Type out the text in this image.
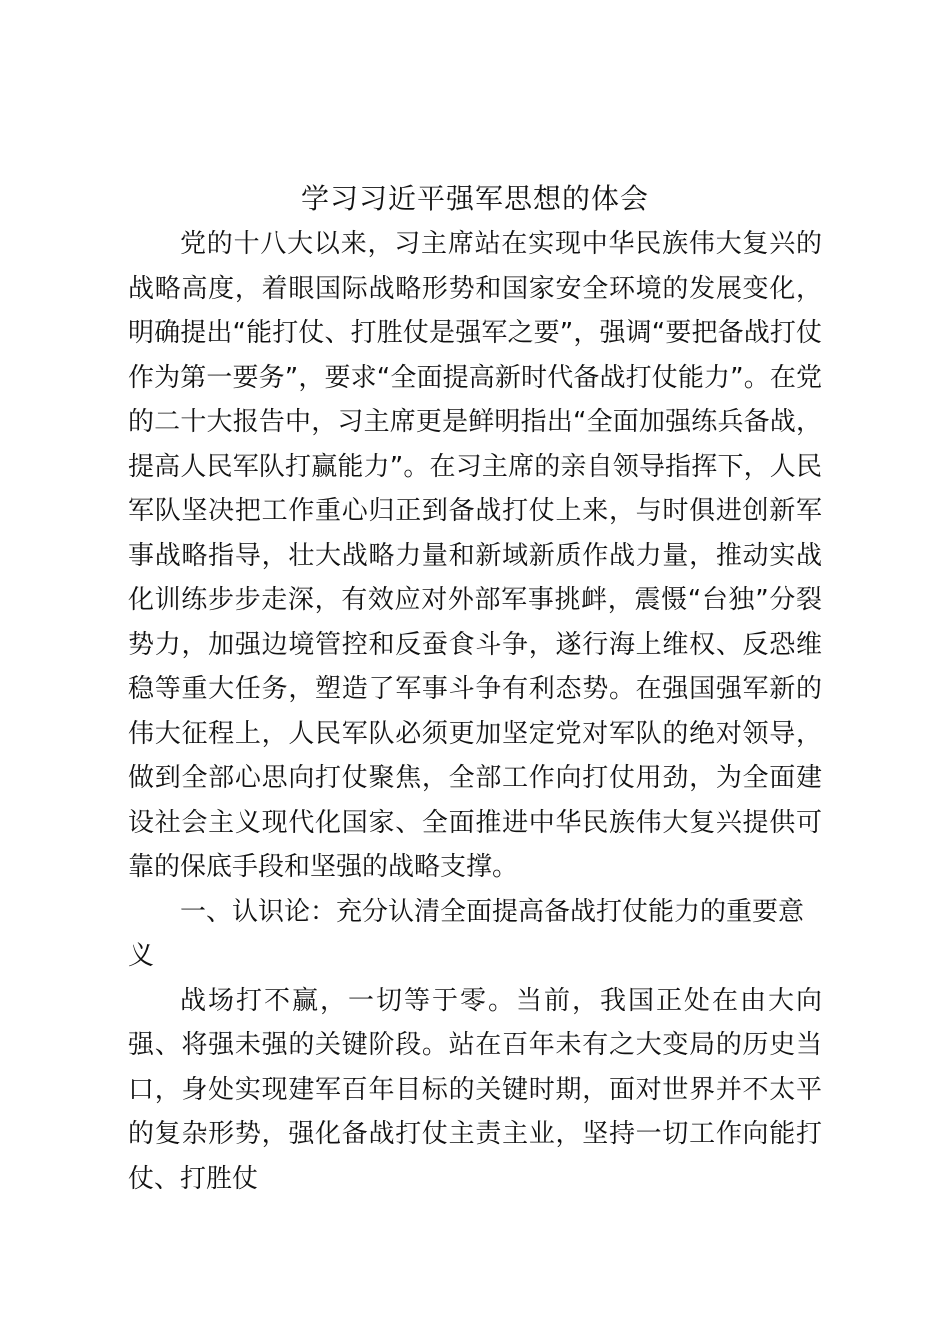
学习习近平强军思想的体会

党的十八大以来，习主席站在实现中华民族伟大复兴的战略高度，着眼国际战略形势和国家安全环境的发展变化，明确提出“能打仗、打胜仗是强军之要”，强调“要把备战打仗作为第一要务”，要求“全面提高新时代备战打仗能力”。在党的二十大报告中，习主席更是鲜明指出“全面加强练兵备战，提高人民军队打赢能力”。在习主席的亲自领导指挥下，人民军队坚决把工作重心归正到备战打仗上来，与时俱进创新军事战略指导，壮大战略力量和新域新质作战力量，推动实战化训练步步走深，有效应对外部军事挑衅，震慑“台独”分裂势力，加强边境管控和反蚕食斗争，遂行海上维权、反恐维稳等重大任务，塑造了军事斗争有利态势。在强国强军新的伟大征程上，人民军队必须更加坚定党对军队的绝对领导，做到全部心思向打仗聚焦，全部工作向打仗用劲，为全面建设社会主义现代化国家、全面推进中华民族伟大复兴提供可靠的保底手段和坚强的战略支撑。

一、认识论：充分认清全面提高备战打仗能力的重要意义

战场打不赢，一切等于零。当前，我国正处在由大向强、将强未强的关键阶段。站在百年未有之大变局的历史当口，身处实现建军百年目标的关键时期，面对世界并不太平的复杂形势，强化备战打仗主责主业，坚持一切工作向能打仗、打胜仗
